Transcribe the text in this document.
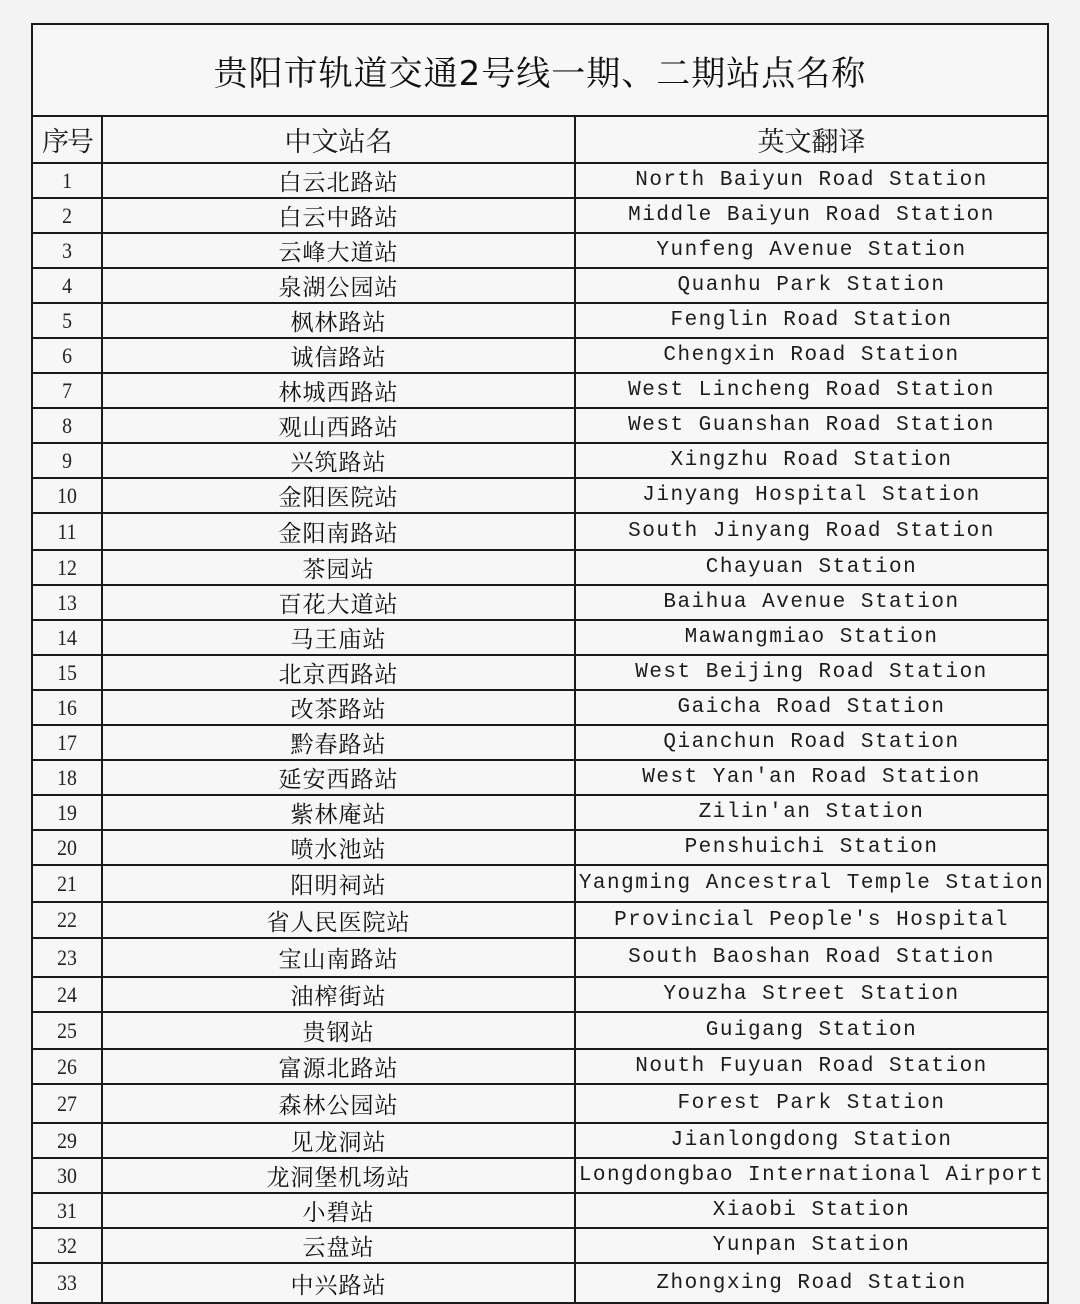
贵阳市轨道交通2号线一期、二期站点名称
序号	中文站名	英文翻译
1	白云北路站	North Baiyun Road Station
2	白云中路站	Middle Baiyun Road Station
3	云峰大道站	Yunfeng Avenue Station
4	泉湖公园站	Quanhu Park Station
5	枫林路站	Fenglin Road Station
6	诚信路站	Chengxin Road Station
7	林城西路站	West Lincheng Road Station
8	观山西路站	West Guanshan Road Station
9	兴筑路站	Xingzhu Road Station
10	金阳医院站	Jinyang Hospital Station
11	金阳南路站	South Jinyang Road Station
12	茶园站	Chayuan Station
13	百花大道站	Baihua Avenue Station
14	马王庙站	Mawangmiao Station
15	北京西路站	West Beijing Road Station
16	改茶路站	Gaicha Road Station
17	黔春路站	Qianchun Road Station
18	延安西路站	West Yan'an Road Station
19	紫林庵站	Zilin'an Station
20	喷水池站	Penshuichi Station
21	阳明祠站	Yangming Ancestral Temple Station
22	省人民医院站	Provincial People's Hospital
23	宝山南路站	South Baoshan Road Station
24	油榨街站	Youzha Street Station
25	贵钢站	Guigang Station
26	富源北路站	Nouth Fuyuan Road Station
27	森林公园站	Forest Park Station
29	见龙洞站	Jianlongdong Station
30	龙洞堡机场站	Longdongbao International Airport
31	小碧站	Xiaobi Station
32	云盘站	Yunpan Station
33	中兴路站	Zhongxing Road Station
